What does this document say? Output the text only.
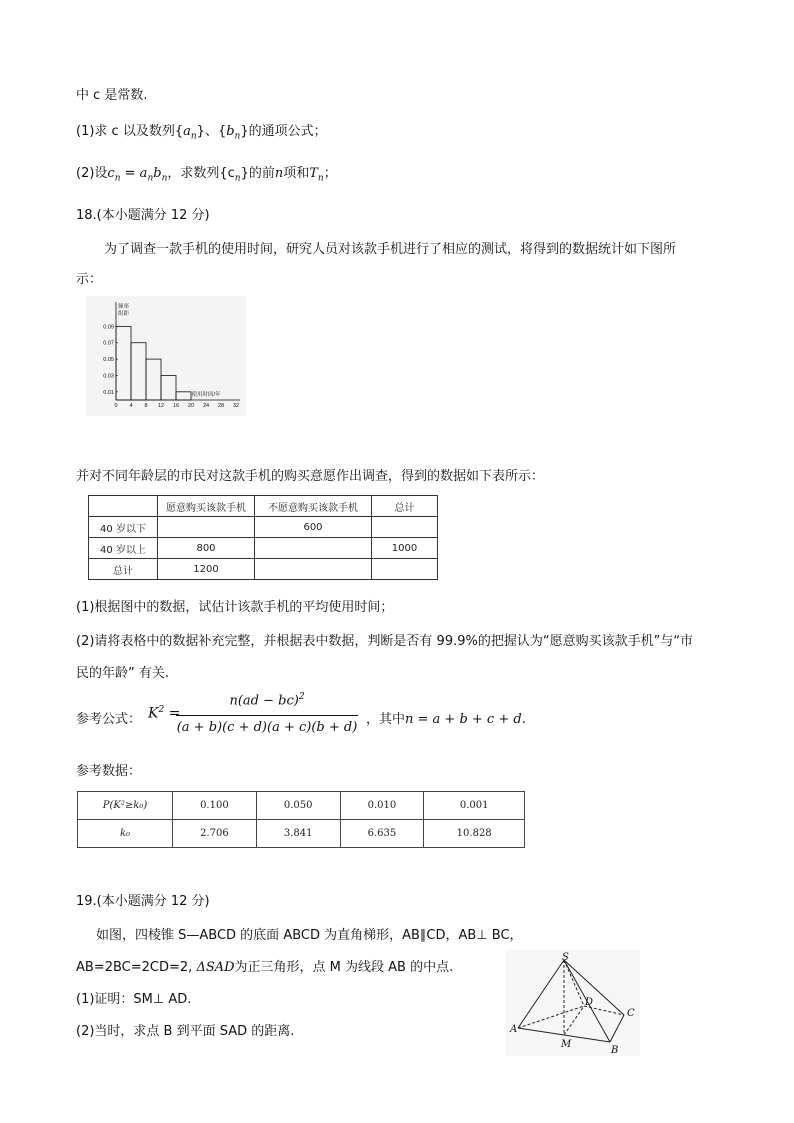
中 c 是常数.
(1)求 c 以及数列$\{a_n\}$、$\{b_n\}$的通项公式；
(2)设$c_n = a_nb_n$，求数列$\{c_n\}$的前n项和$T_n$；
18.(本小题满分 12 分)
为了调查一款手机的使用时间，研究人员对该款手机进行了相应的测试，将得到的数据统计如下图所
示：
0.01
0.03
0.05
0.07
0.09
0 4 8 12 16 20 24 28 32
频率
组距
使用时间/年
并对不同年龄层的市民对这款手机的购买意愿作出调查，得到的数据如下表所示：
	愿意购买该款手机	不愿意购买该款手机	总计
40 岁以下		600	
40 岁以上	800		1000
总计	1200		
(1)根据图中的数据，试估计该款手机的平均使用时间；
(2)请将表格中的数据补充完整，并根据表中数据，判断是否有 99.9%的把握认为“愿意购买该款手机”与“市
民的年龄” 有关.
参考公式： $K^2$ =
n(ad − bc)$^2$
(a + b)(c + d)(a + c)(b + d)
，其中n = a + b + c + d.
参考数据：
P(K²≥k₀)	0.100	0.050	0.010	0.001
k₀	2.706	3.841	6.635	10.828
19.(本小题满分 12 分)
如图，四棱锥 S—ABCD 的底面 ABCD 为直角梯形，AB∥CD，AB⊥ BC，
AB=2BC=2CD=2, ΔSAD为正三角形，点 M 为线段 AB 的中点.
(1)证明：SM⊥ AD.
(2)当时，求点 B 到平面 SAD 的距离.
S
A
B
C
D
M
